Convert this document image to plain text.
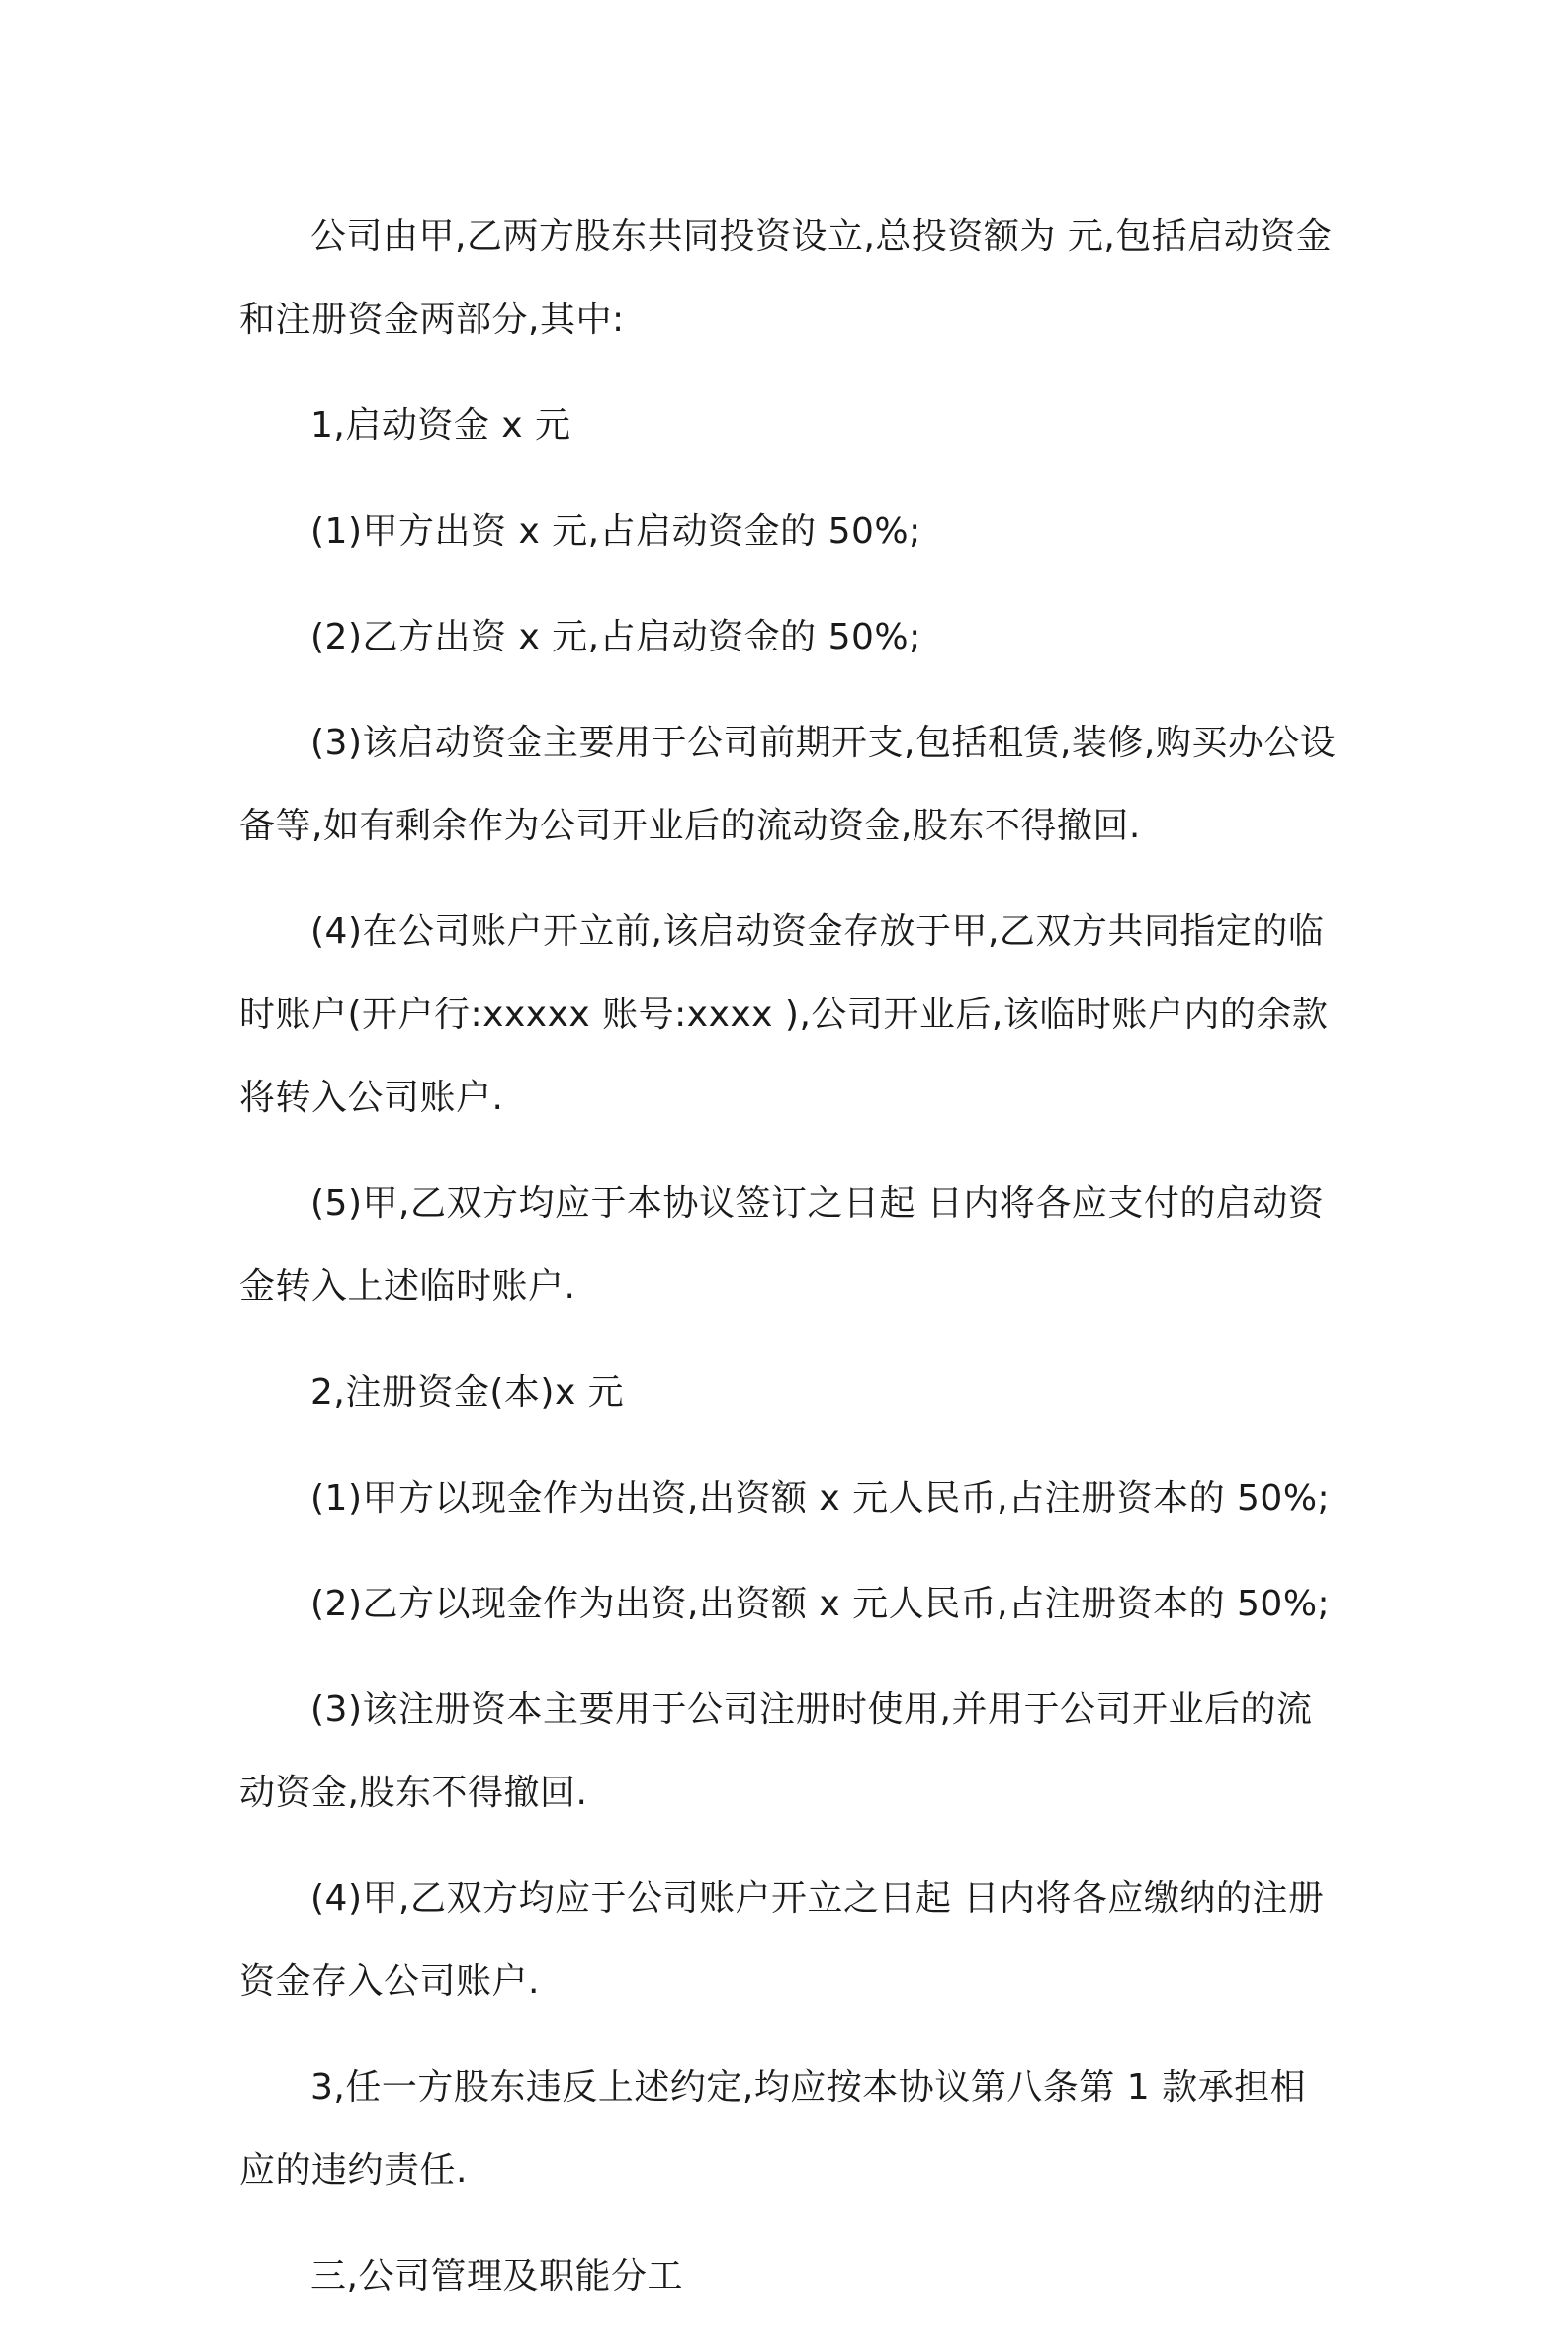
公司由甲,乙两方股东共同投资设立,总投资额为 元,包括启动资金和注册资金两部分,其中:

1,启动资金 x 元

(1)甲方出资 x 元,占启动资金的 50%;

(2)乙方出资 x 元,占启动资金的 50%;

(3)该启动资金主要用于公司前期开支,包括租赁,装修,购买办公设备等,如有剩余作为公司开业后的流动资金,股东不得撤回.

(4)在公司账户开立前,该启动资金存放于甲,乙双方共同指定的临时账户(开户行:xxxxx 账号:xxxx ),公司开业后,该临时账户内的余款将转入公司账户.

(5)甲,乙双方均应于本协议签订之日起 日内将各应支付的启动资金转入上述临时账户.

2,注册资金(本)x 元

(1)甲方以现金作为出资,出资额 x 元人民币,占注册资本的 50%;

(2)乙方以现金作为出资,出资额 x 元人民币,占注册资本的 50%;

(3)该注册资本主要用于公司注册时使用,并用于公司开业后的流动资金,股东不得撤回.

(4)甲,乙双方均应于公司账户开立之日起 日内将各应缴纳的注册资金存入公司账户.

3,任一方股东违反上述约定,均应按本协议第八条第 1 款承担相应的违约责任.

三,公司管理及职能分工
